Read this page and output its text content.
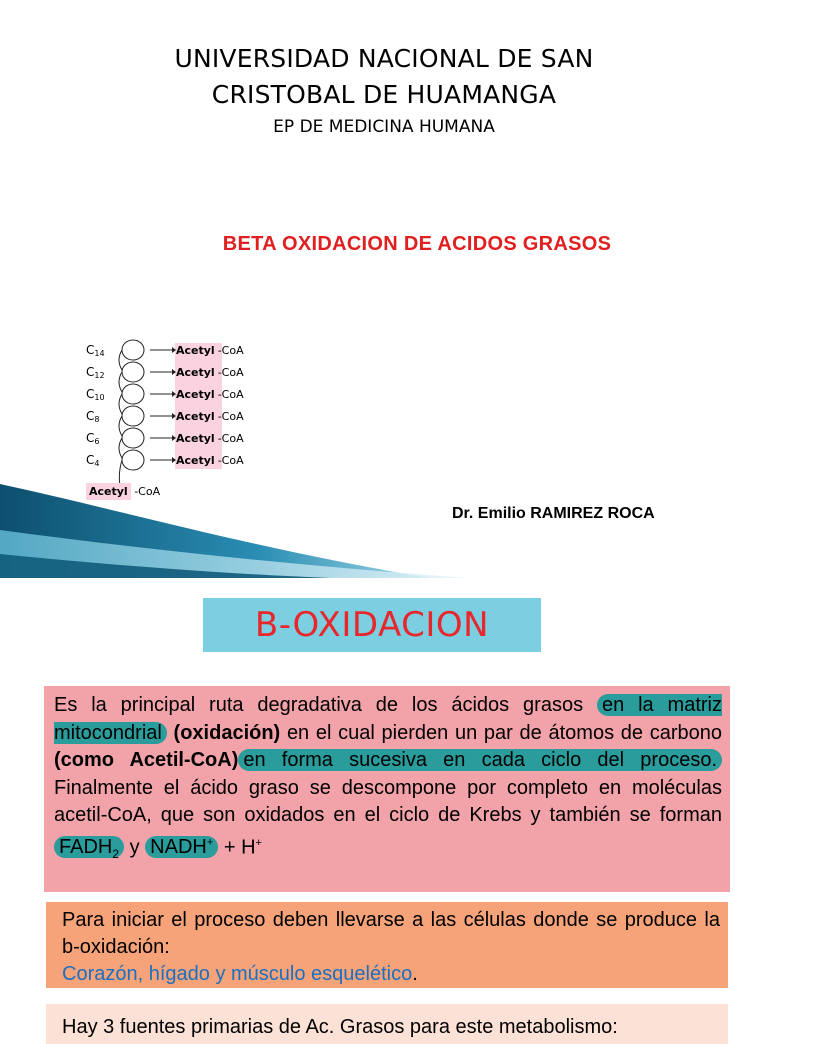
UNIVERSIDAD NACIONAL DE SAN
CRISTOBAL DE HUAMANGA
EP DE MEDICINA HUMANA
BETA OXIDACION DE ACIDOS GRASOS
$C_{14}$
$C_{12}$
$C_{10}$
$C_8$
$C_6$
$C_4$
Acetyl -CoA
Acetyl -CoA
Acetyl -CoA
Acetyl -CoA
Acetyl -CoA
Acetyl -CoA
Acetyl -CoA
Dr. Emilio RAMIREZ ROCA
B-OXIDACION
Es la principal ruta degradativa de los ácidos grasos en la matriz mitocondrial (oxidación) en el cual pierden un par de átomos de carbono (como Acetil-CoA) en forma sucesiva en cada ciclo del proceso. Finalmente el ácido graso se descompone por completo en moléculas acetil-CoA, que son oxidados en el ciclo de Krebs y también se forman $FADH_2$ y NADH+ + H+
Para iniciar el proceso deben llevarse a las células donde se produce la b-oxidación:
Corazón, hígado y músculo esquelético.
Hay 3 fuentes primarias de Ac. Grasos para este metabolismo:
